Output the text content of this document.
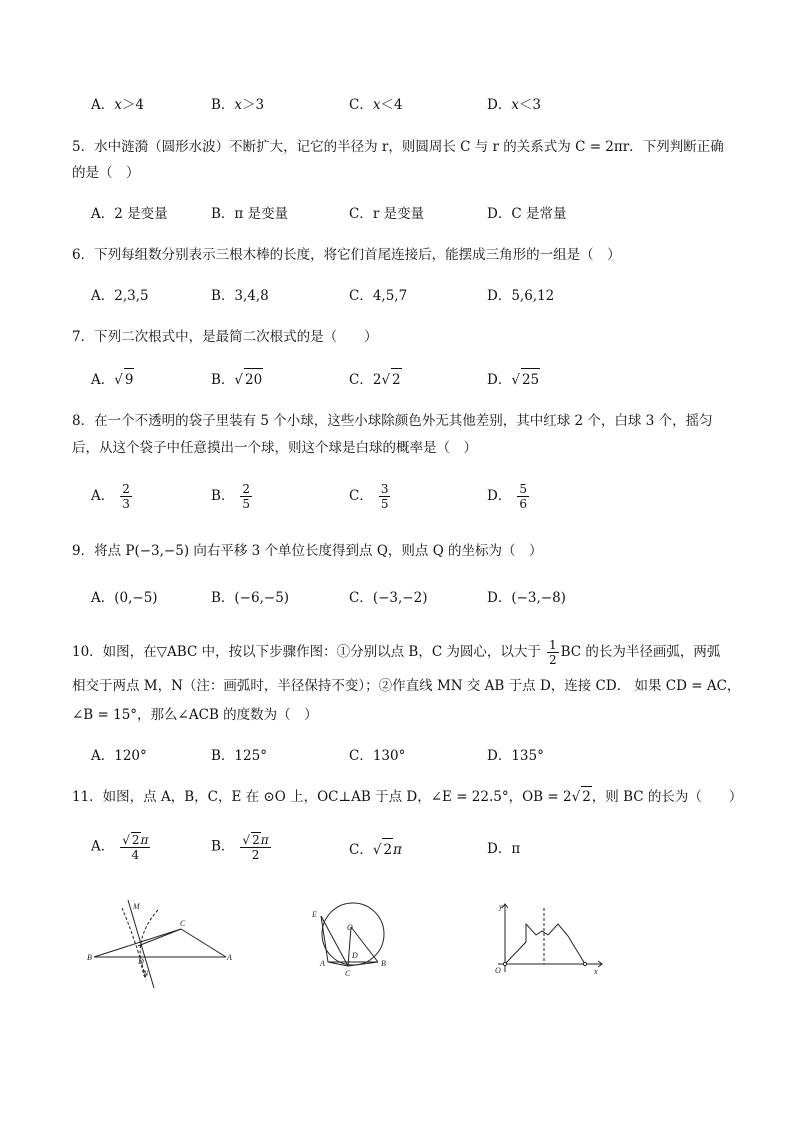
A．𝑥＞4	B．𝑥＞3	C．𝑥＜4	D．𝑥＜3
5．水中涟漪（圆形水波）不断扩大，记它的半径为 r，则圆周长 C 与 r 的关系式为 C = 2πr．下列判断正确
的是（　）
A．2 是变量	B．π 是变量	C．r 是变量	D．C 是常量
6．下列每组数分别表示三根木棒的长度，将它们首尾连接后，能摆成三角形的一组是（　）
A．2,3,5	B．3,4,8	C．4,5,7	D．5,6,12
7．下列二次根式中，是最简二次根式的是（　　）
A．√ 9	B．√ 20	C．2√ 2	D．√ 25
8．在一个不透明的袋子里装有 5 个小球，这些小球除颜色外无其他差别，其中红球 2 个，白球 3 个，摇匀
后，从这个袋子中任意摸出一个球，则这个球是白球的概率是（　）
A． $\frac{2}{3}$	B． $\frac{2}{5}$	C． $\frac{3}{5}$	D． $\frac{5}{6}$
9．将点 P(−3,−5) 向右平移 3 个单位长度得到点 Q，则点 Q 的坐标为（　）
A．(0,−5)	B．(−6,−5)	C．(−3,−2)	D．(−3,−8)
10．如图，在▽ABC 中，按以下步骤作图：①分别以点 B，C 为圆心，以大于 $\frac{1}{2}$ BC 的长为半径画弧，两弧
相交于两点 M，N（注：画弧时，半径保持不变）；②作直线 MN 交 AB 于点 D，连接 CD． 如果 CD = AC，
∠B = 15°，那么∠ACB 的度数为（　）
A．120°	B．125°	C．130°	D．135°
11．如图，点 A，B，C，E 在 ⊙O 上，OC⊥AB 于点 D，∠E = 22.5°，OB = 2√ 2，则 BC 的长为（　　）
A． $\frac{√ 2\pi}{4}$	B． $\frac{√ 2\pi}{2}$	C．√ 2π	D．π
M
C
B	A
D
N
E
O
D
A	B
C
y
O	x
